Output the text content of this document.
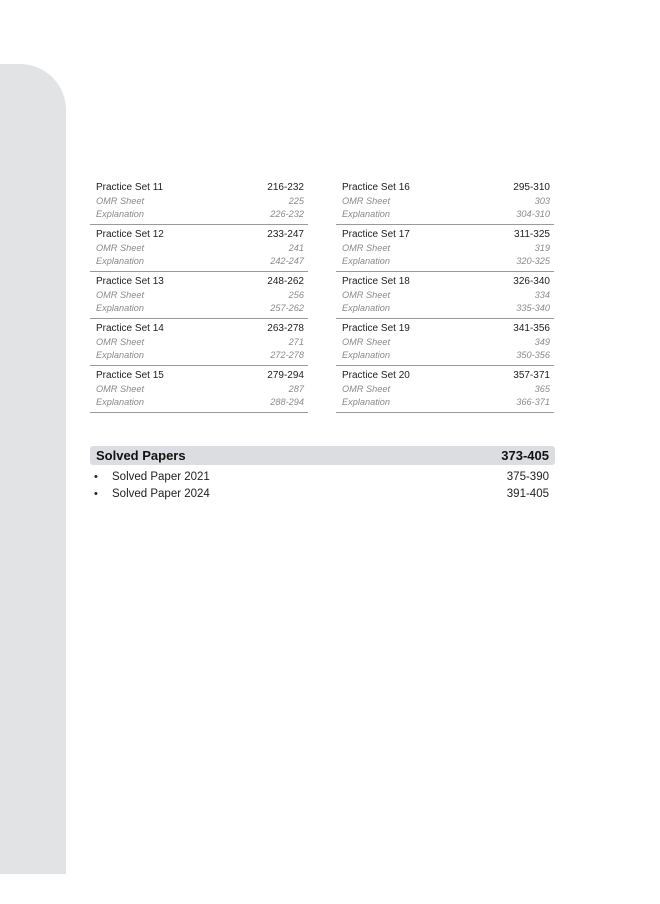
Practice Set 11	216-232
OMR Sheet	225
Explanation	226-232
Practice Set 16	295-310
OMR Sheet	303
Explanation	304-310
Practice Set 12	233-247
OMR Sheet	241
Explanation	242-247
Practice Set 17	311-325
OMR Sheet	319
Explanation	320-325
Practice Set 13	248-262
OMR Sheet	256
Explanation	257-262
Practice Set 18	326-340
OMR Sheet	334
Explanation	335-340
Practice Set 14	263-278
OMR Sheet	271
Explanation	272-278
Practice Set 19	341-356
OMR Sheet	349
Explanation	350-356
Practice Set 15	279-294
OMR Sheet	287
Explanation	288-294
Practice Set 20	357-371
OMR Sheet	365
Explanation	366-371
Solved Papers	373-405
•	Solved Paper 2021	375-390
•	Solved Paper 2024	391-405
